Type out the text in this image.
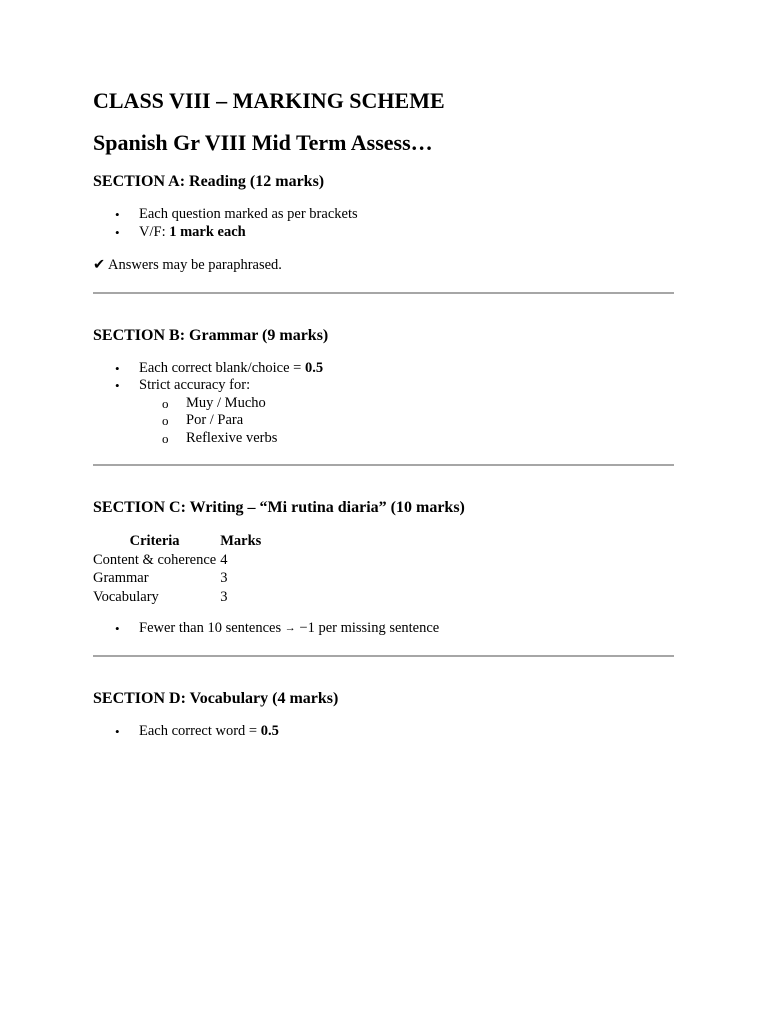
CLASS VIII – MARKING SCHEME
Spanish Gr VIII Mid Term Assess…
SECTION A: Reading (12 marks)
• Each question marked as per brackets
• V/F: 1 mark each
✔ Answers may be paraphrased.
SECTION B: Grammar (9 marks)
• Each correct blank/choice = 0.5
• Strict accuracy for:
o Muy / Mucho
o Por / Para
o Reflexive verbs
SECTION C: Writing – “Mi rutina diaria” (10 marks)
Criteria	Marks
Content & coherence	4
Grammar	3
Vocabulary	3
• Fewer than 10 sentences → −1 per missing sentence
SECTION D: Vocabulary (4 marks)
• Each correct word = 0.5
